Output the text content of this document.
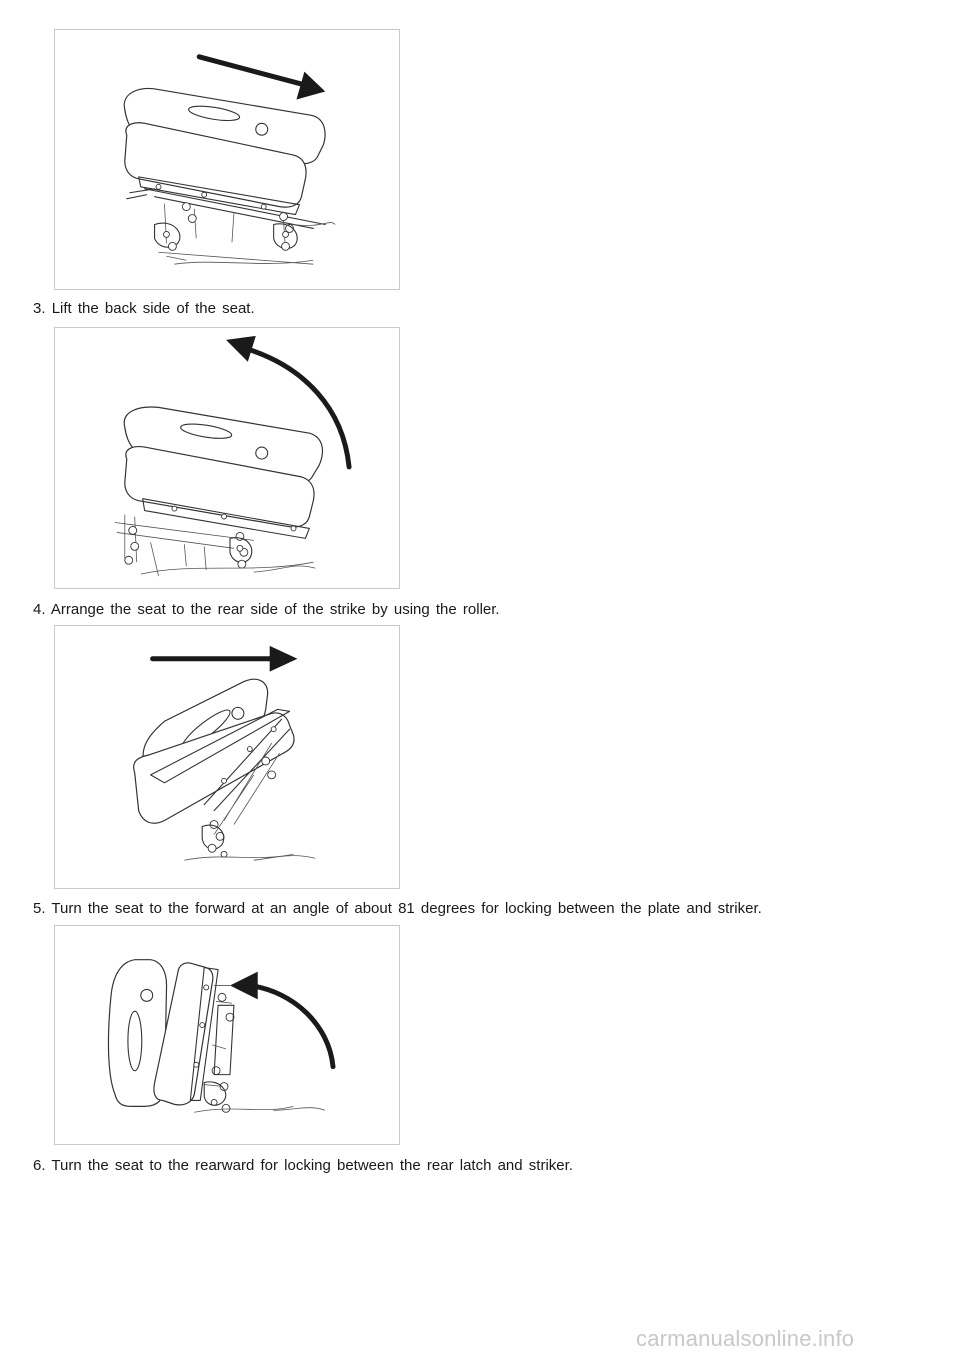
3. Lift the back side of the seat.
4. Arrange the seat to the rear side of the strike by using the roller.
5. Turn the seat to the forward at an angle of about 81 degrees for locking between the plate and striker.
6. Turn the seat to the rearward for locking between the rear latch and striker.
carmanualsonline.info
